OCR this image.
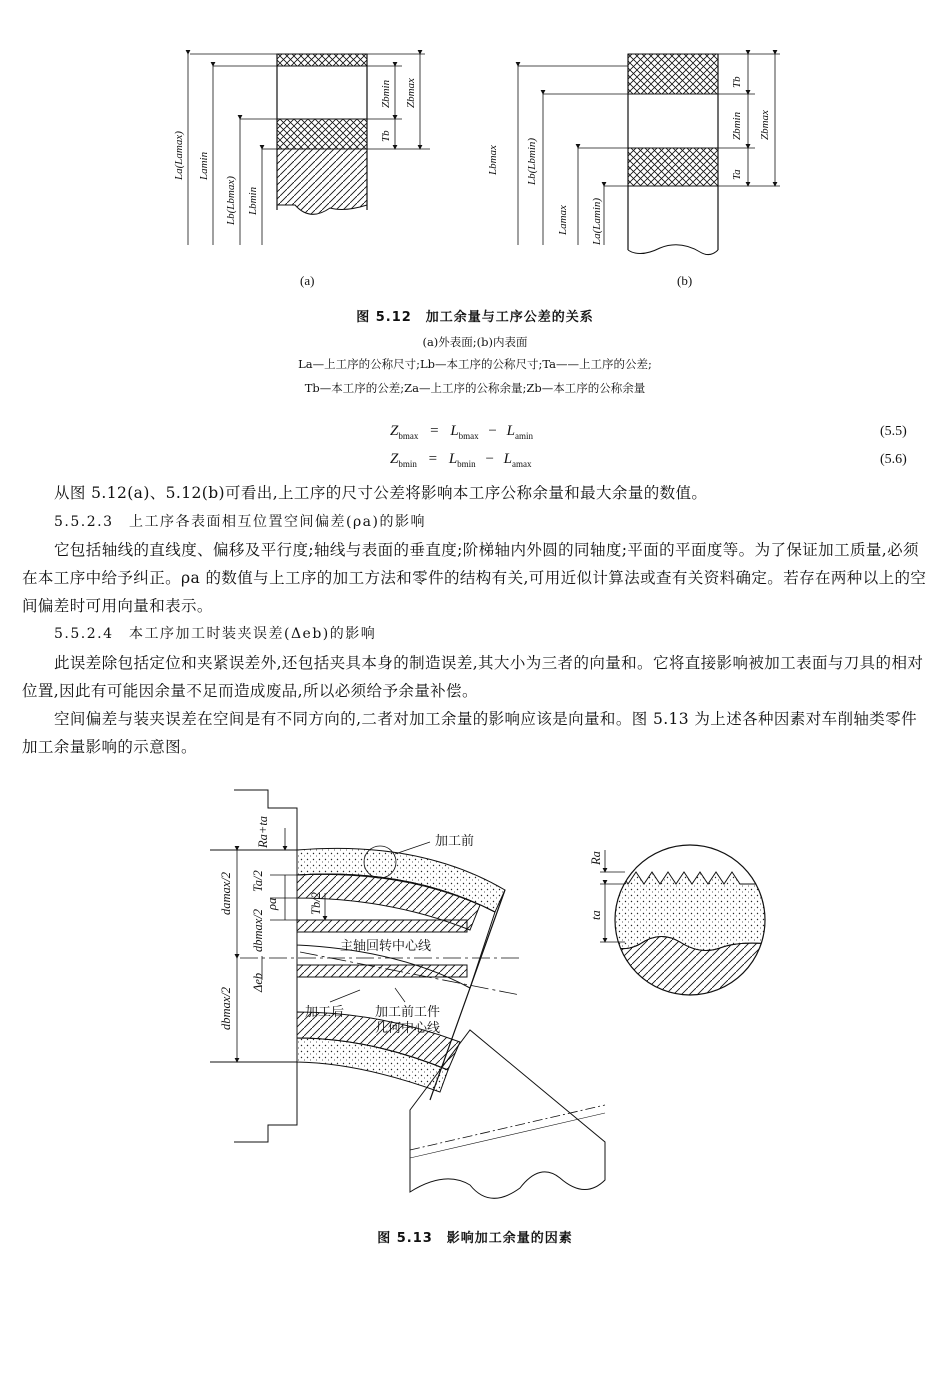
La(Lamax) Lamin
Lb(Lbmax) Lbmin
Zbmin Zbmax
Tb
(a)
Lbmax Lb(Lbmin)
Lamax La(Lamin)
Tb
Zbmin Zbmax
Ta
(b)
图 5.12　加工余量与工序公差的关系
(a)外表面;(b)内表面
La—上工序的公称尺寸;Lb—本工序的公称尺寸;Ta——上工序的公差;
Tb—本工序的公差;Za—上工序的公称余量;Zb—本工序的公称余量
$Z_{bmax} = L_{bmax} - L_{amin}$	(5.5)
$Z_{bmin} = L_{bmin} - L_{amax}$	(5.6)
从图 5.12(a)、5.12(b)可看出,上工序的尺寸公差将影响本工序公称余量和最大余量的数值。
5.5.2.3　上工序各表面相互位置空间偏差(ρa)的影响
它包括轴线的直线度、偏移及平行度;轴线与表面的垂直度;阶梯轴内外圆的同轴度;平面的平面度等。为了保证加工质量,必须在本工序中给予纠正。ρa 的数值与上工序的加工方法和零件的结构有关,可用近似计算法或查有关资料确定。若存在两种以上的空间偏差时可用向量和表示。
5.5.2.4　本工序加工时装夹误差(Δeb)的影响
此误差除包括定位和夹紧误差外,还包括夹具本身的制造误差,其大小为三者的向量和。它将直接影响被加工表面与刀具的相对位置,因此有可能因余量不足而造成废品,所以必须给予余量补偿。
空间偏差与装夹误差在空间是有不同方向的,二者对加工余量的影响应该是向量和。图 5.13 为上述各种因素对车削轴类零件加工余量影响的示意图。
Ra+ta
Ta/2
ρa Tb/2
damax/2
dbmax/2
Δeb
dbmax/2
Ra
ta
加工前
主轴回转中心线
加工后 加工前工件
几何中心线
图 5.13　影响加工余量的因素
